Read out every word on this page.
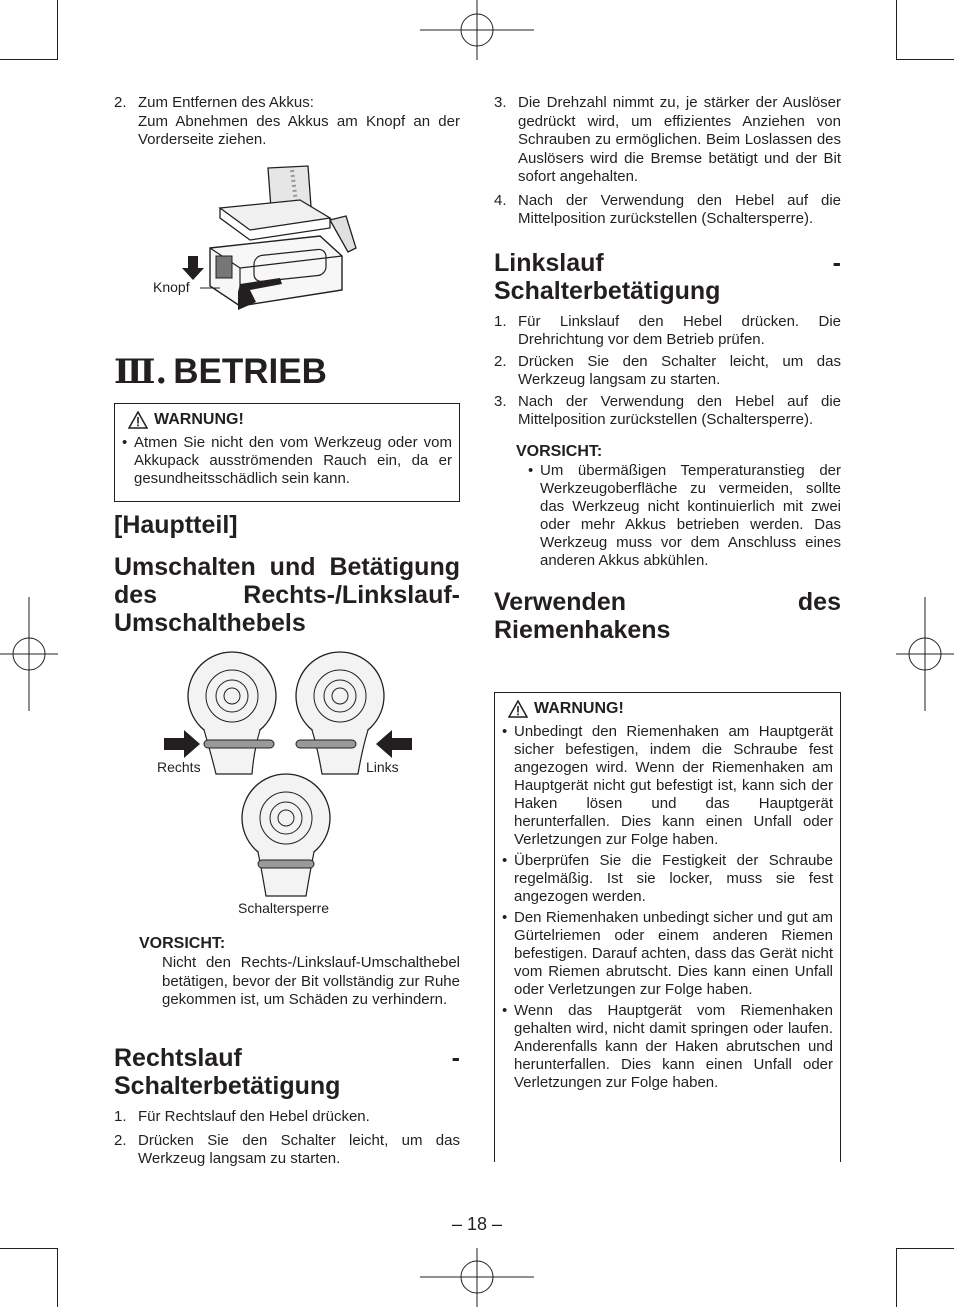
2. Zum Entfernen des Akkus:
Zum Abnehmen des Akkus am Knopf an der Vorderseite ziehen.
Knopf
Ⅲ. BETRIEB
WARNUNG!
• Atmen Sie nicht den vom Werkzeug oder vom Akkupack ausströmenden Rauch ein, da er gesundheitsschädlich sein kann.
[Hauptteil]
Umschalten und Betätigung des Rechts-/Linkslauf-Umschalthebels
Rechts	Links
Schaltersperre
VORSICHT:
Nicht den Rechts-/Linkslauf-Umschalthebel betätigen, bevor der Bit vollständig zur Ruhe gekommen ist, um Schäden zu verhindern.
Rechtslauf - Schalterbetätigung
1. Für Rechtslauf den Hebel drücken.
2. Drücken Sie den Schalter leicht, um das Werkzeug langsam zu starten.
3. Die Drehzahl nimmt zu, je stärker der Auslöser gedrückt wird, um effizientes Anziehen von Schrauben zu ermöglichen. Beim Loslassen des Auslösers wird die Bremse betätigt und der Bit sofort angehalten.
4. Nach der Verwendung den Hebel auf die Mittelposition zurückstellen (Schaltersperre).
Linkslauf - Schalterbetätigung
1. Für Linkslauf den Hebel drücken. Die Drehrichtung vor dem Betrieb prüfen.
2. Drücken Sie den Schalter leicht, um das Werkzeug langsam zu starten.
3. Nach der Verwendung den Hebel auf die Mittelposition zurückstellen (Schaltersperre).
VORSICHT:
• Um übermäßigen Temperaturanstieg der Werkzeugoberfläche zu vermeiden, sollte das Werkzeug nicht kontinuierlich mit zwei oder mehr Akkus betrieben werden. Das Werkzeug muss vor dem Anschluss eines anderen Akkus abkühlen.
Verwenden des Riemenhakens
WARNUNG!
• Unbedingt den Riemenhaken am Hauptgerät sicher befestigen, indem die Schraube fest angezogen wird. Wenn der Riemenhaken am Hauptgerät nicht gut befestigt ist, kann sich der Haken lösen und das Hauptgerät herunterfallen. Dies kann einen Unfall oder Verletzungen zur Folge haben.
• Überprüfen Sie die Festigkeit der Schraube regelmäßig. Ist sie locker, muss sie fest angezogen werden.
• Den Riemenhaken unbedingt sicher und gut am Gürtelriemen oder einem anderen Riemen befestigen. Darauf achten, dass das Gerät nicht vom Riemen abrutscht. Dies kann einen Unfall oder Verletzungen zur Folge haben.
• Wenn das Hauptgerät vom Riemenhaken gehalten wird, nicht damit springen oder laufen. Anderenfalls kann der Haken abrutschen und herunterfallen. Dies kann einen Unfall oder Verletzungen zur Folge haben.
– 18 –
